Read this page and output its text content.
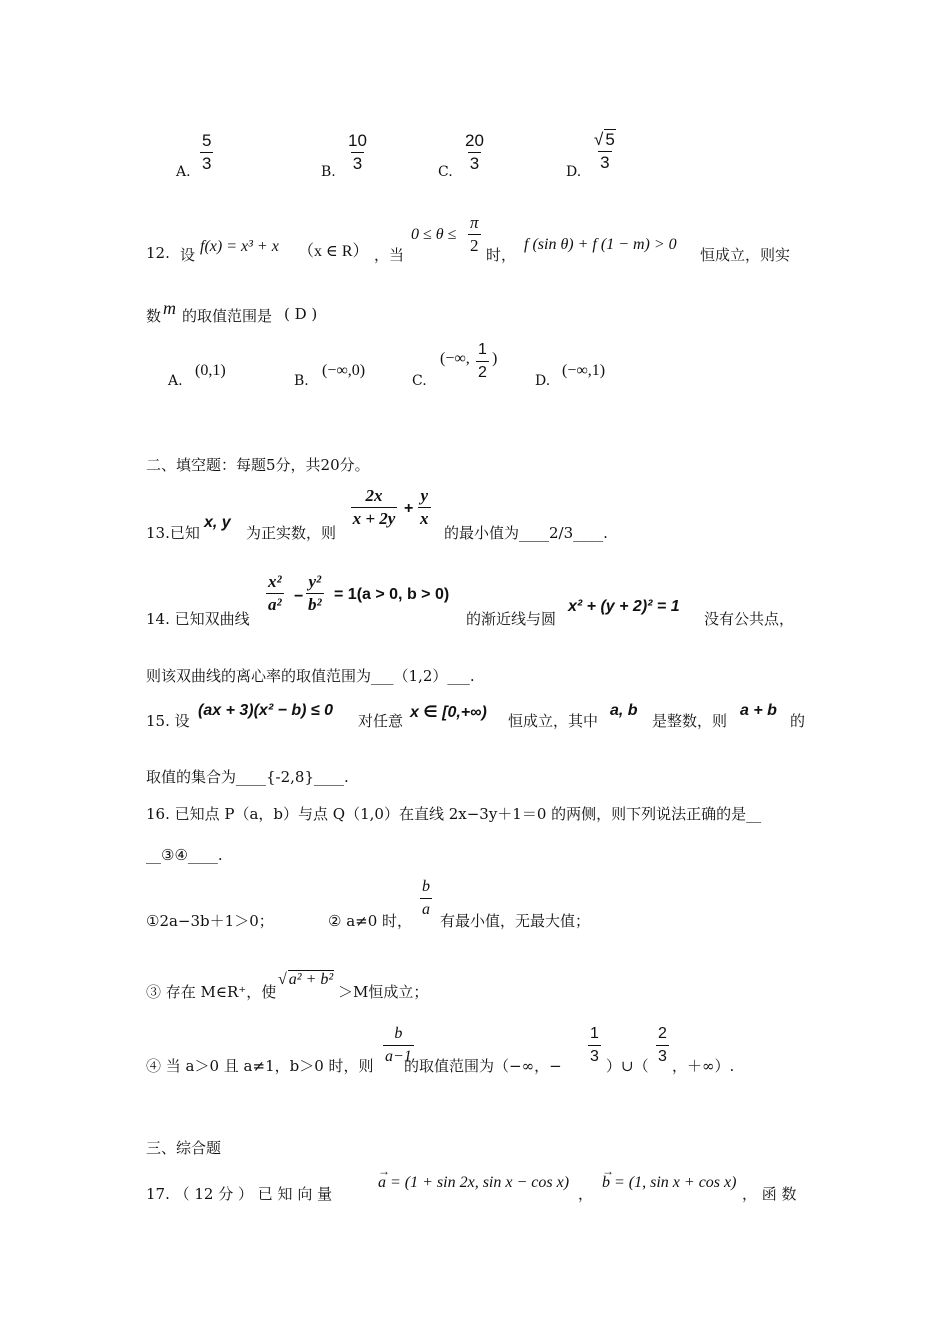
A. $\frac{5}{3}$	B. $\frac{10}{3}$	C. $\frac{20}{3}$	D. $\frac{√ 5}{3}$
12. 设 f(x) = x³ + x （x ∈ R） ，当
$0 \le \theta \le \frac{\pi}{2}$ 时，
f (sin θ) + f (1 − m) > 0
恒成立，则实
数 m 的取值范围是 ( D )
A.
(0,1)
B.
(−∞,0)
C.
(−∞, $\frac{1}{2}$ )
D.
(−∞,1)
二、填空题：每题5分，共20分。
13.已知
x, y
为正实数，则
$\frac{2x}{x + 2y} + \frac{y}{x}$
的最小值为____2/3____.
14. 已知双曲线
$\frac{\text{x²}}{\text{a²}} - \frac{\text{y²}}{\text{b²}} = 1(a > 0$, b > 0)
的渐近线与圆
x² + (y + 2)² = 1
没有公共点，
则该双曲线的离心率的取值范围为___（1,2）___.
15. 设
(ax + 3)(x² − b) ≤ 0
对任意 x ∈ [0,+∞) 恒成立，其中
a, b
是整数，则
a + b
的
取值的集合为____{-2,8}____.
16. 已知点 P（a，b）与点 Q（1,0）在直线 2x−3y＋1＝0 的两侧，则下列说法正确的是__
__③④____.
①2a−3b＋1＞0；	② a≠0 时，
$\frac{b}{a}$
有最小值，无最大值；
③ 存在 M∈R⁺，使
√ a² + b²
＞M恒成立；
④ 当 a＞0 且 a≠1，b＞0 时，则 $\frac{b}{a-1}$
的取值范围为（−∞，− $\frac{1}{3}$ ）∪（ $\frac{2}{3}$ ，＋∞）.
三、综合题
17. （ 12 分 ） 已 知 向 量
→
a = (1 + sin 2x, sin x − cos x)
，
→
b = (1, sin x + cos x)
， 函 数
